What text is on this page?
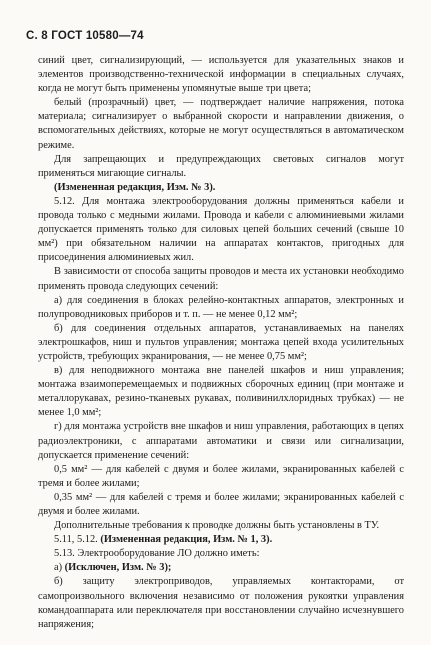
С. 8 ГОСТ 10580—74

синий цвет, сигнализирующий, — используется для указательных знаков и элементов производственно-технической информации в специальных случаях, когда не могут быть применены упомянутые выше три цвета;

белый (прозрачный) цвет, — подтверждает наличие напряжения, потока материала; сигнализирует о выбранной скорости и направлении движения, о вспомогательных действиях, которые не могут осуществляться в автоматическом режиме.

Для запрещающих и предупреждающих световых сигналов могут применяться мигающие сигналы.

(Измененная редакция, Изм. № 3).

5.12. Для монтажа электрооборудования должны применяться кабели и провода только с медными жилами. Провода и кабели с алюминиевыми жилами допускается применять только для силовых цепей больших сечений (свыше 10 мм²) при обязательном наличии на аппаратах контактов, пригодных для присоединения алюминиевых жил.

В зависимости от способа защиты проводов и места их установки необходимо применять провода следующих сечений:

а) для соединения в блоках релейно-контактных аппаратов, электронных и полупроводниковых приборов и т. п. — не менее 0,12 мм²;

б) для соединения отдельных аппаратов, устанавливаемых на панелях электрошкафов, ниш и пультов управления; монтажа цепей входа усилительных устройств, требующих экранирования, — не менее 0,75 мм²;

в) для неподвижного монтажа вне панелей шкафов и ниш управления; монтажа взаимоперемещаемых и подвижных сборочных единиц (при монтаже и металлорукавах, резино-тканевых рукавах, поливинилхлоридных трубках) — не менее 1,0 мм²;

г) для монтажа устройств вне шкафов и ниш управления, работающих в цепях радиоэлектроники, с аппаратами автоматики и связи или сигнализации, допускается применение сечений:

0,5 мм² — для кабелей с двумя и более жилами, экранированных кабелей с тремя и более жилами;

0,35 мм² — для кабелей с тремя и более жилами; экранированных кабелей с двумя и более жилами.

Дополнительные требования к проводке должны быть установлены в ТУ.

5.11, 5.12. (Измененная редакция, Изм. № 1, 3).

5.13. Электрооборудование ЛО должно иметь:

а) (Исключен, Изм. № 3);

б) защиту электроприводов, управляемых контакторами, от самопроизвольного включения независимо от положения рукоятки управления командоаппарата или переключателя при восстановлении случайно исчезнувшего напряжения;
